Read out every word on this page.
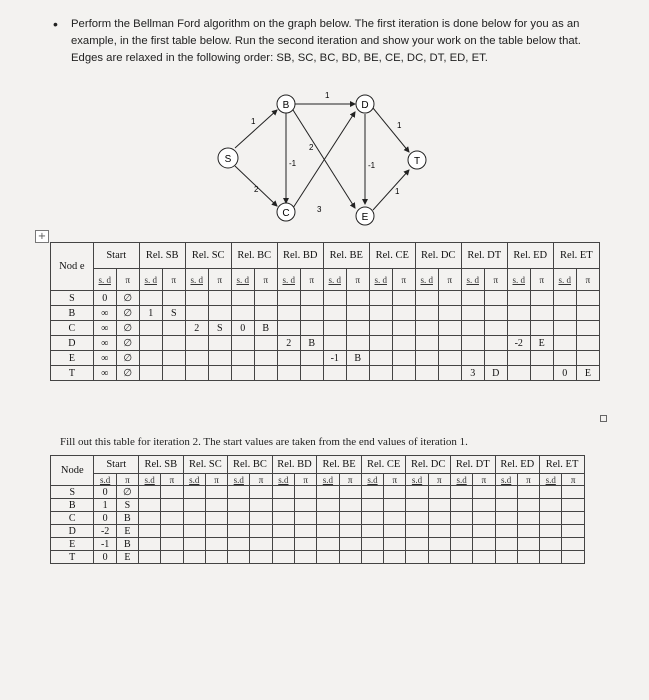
• Perform the Bellman Ford algorithm on the graph below. The first iteration is done below for you as an example, in the first table below. Run the second iteration and show your work on the table below that. Edges are relaxed in the following order: SB, SC, BC, BD, BE, CE, DC, DT, ED, ET.
S
B	D
T
C	E
1
2
-1
1
2
3
-1
1
1
+
Nod e	Start		Rel. SB		Rel. SC		Rel. BC		Rel. BD		Rel. BE		Rel. CE		Rel. DC		Rel. DT		Rel. ED		Rel. ET	
	s. d	π	s. d	π	s. d	π	s. d	π	s. d	π	s. d	π	s. d	π	s. d	π	s. d	π	s. d	π	s. d	π
S	0	∅																				
B	∞	∅	1	S																		
C	∞	∅			2	S	0	B														
D	∞	∅							2	B									-2	E		
E	∞	∅									-1	B										
T	∞	∅															3	D			0	E
Fill out this table for iteration 2. The start values are taken from the end values of iteration 1.
Node	Start		Rel. SB		Rel. SC		Rel. BC		Rel. BD		Rel. BE		Rel. CE		Rel. DC		Rel. DT		Rel. ED		Rel. ET	
	s.d	π	s.d	π	s.d	π	s.d	π	s.d	π	s.d	π	s.d	π	s.d	π	s.d	π	s.d	π	s.d	π
S	0	∅																				
B	1	S																				
C	0	B																				
D	-2	E																				
E	-1	B																				
T	0	E																				
